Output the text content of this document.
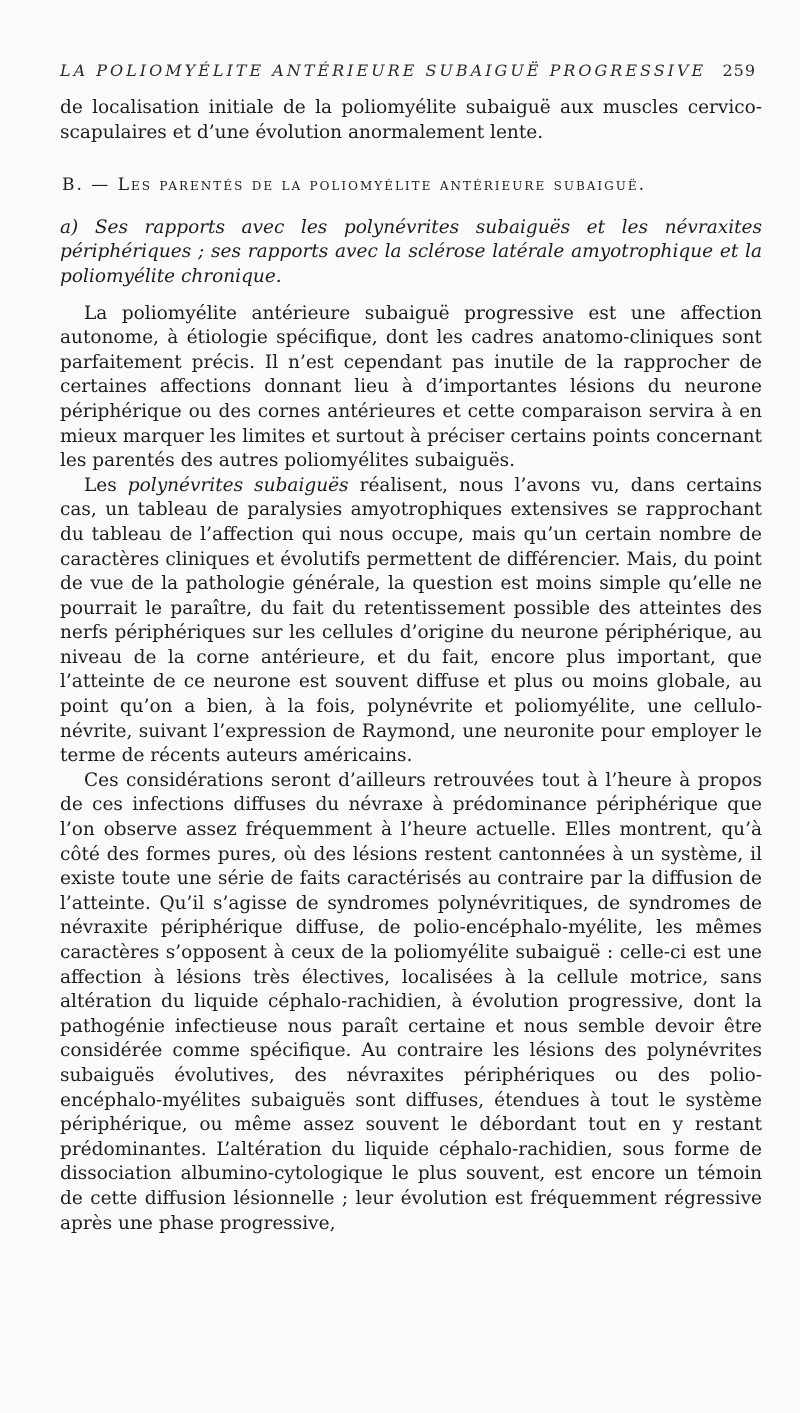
LA POLIOMYÉLITE ANTÉRIEURE SUBAIGUË PROGRESSIVE 259

de localisation initiale de la poliomyélite subaiguë aux muscles cervico-scapulaires et d’une évolution anormalement lente.

B. — Les parentés de la poliomyélite antérieure subaiguë.

a) Ses rapports avec les polynévrites subaiguës et les névraxites périphériques ; ses rapports avec la sclérose latérale amyotrophique et la poliomyélite chronique.

La poliomyélite antérieure subaiguë progressive est une affection autonome, à étiologie spécifique, dont les cadres anatomo-cliniques sont parfaitement précis. Il n’est cependant pas inutile de la rapprocher de certaines affections donnant lieu à d’importantes lésions du neurone périphérique ou des cornes antérieures et cette comparaison servira à en mieux marquer les limites et surtout à préciser certains points concernant les parentés des autres poliomyélites subaiguës.

Les polynévrites subaiguës réalisent, nous l’avons vu, dans certains cas, un tableau de paralysies amyotrophiques extensives se rapprochant du tableau de l’affection qui nous occupe, mais qu’un certain nombre de caractères cliniques et évolutifs permettent de différencier. Mais, du point de vue de la pathologie générale, la question est moins simple qu’elle ne pourrait le paraître, du fait du retentissement possible des atteintes des nerfs périphériques sur les cellules d’origine du neurone périphérique, au niveau de la corne antérieure, et du fait, encore plus important, que l’atteinte de ce neurone est souvent diffuse et plus ou moins globale, au point qu’on a bien, à la fois, polynévrite et poliomyélite, une cellulo-névrite, suivant l’expression de Raymond, une neuronite pour employer le terme de récents auteurs américains.

Ces considérations seront d’ailleurs retrouvées tout à l’heure à propos de ces infections diffuses du névraxe à prédominance périphérique que l’on observe assez fréquemment à l’heure actuelle. Elles montrent, qu’à côté des formes pures, où des lésions restent cantonnées à un système, il existe toute une série de faits caractérisés au contraire par la diffusion de l’atteinte. Qu’il s’agisse de syndromes polynévritiques, de syndromes de névraxite périphérique diffuse, de polio-encéphalo-myélite, les mêmes caractères s’opposent à ceux de la poliomyélite subaiguë : celle-ci est une affection à lésions très électives, localisées à la cellule motrice, sans altération du liquide céphalo-rachidien, à évolution progressive, dont la pathogénie infectieuse nous paraît certaine et nous semble devoir être considérée comme spécifique. Au contraire les lésions des polynévrites subaiguës évolutives, des névraxites périphériques ou des polio-encéphalo-myélites subaiguës sont diffuses, étendues à tout le système périphérique, ou même assez souvent le débordant tout en y restant prédominantes. L’altération du liquide céphalo-rachidien, sous forme de dissociation albumino-cytologique le plus souvent, est encore un témoin de cette diffusion lésionnelle ; leur évolution est fréquemment régressive après une phase progressive,
